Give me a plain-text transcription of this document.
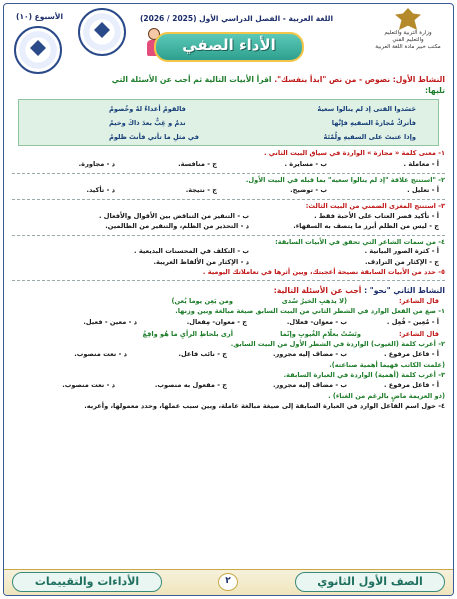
وزارة التربية والتعليم
والتعليم الفني
مكتب خبير مادة اللغة العربية
اللغة العربية - الفصل الدراسي الأول (2025 / 2026)
الأسبوع (١٠)
الأداء الصفي
النشاط الأول: نصوص - من نص "ابدأ بنفسك". اقرأ الأبيات التالية ثم أجب عن الأسئلة التي
تليها:
حَسَدوا الفتى إذ لم ينالوا سعيهُ
فالقومُ أعداءٌ لهُ وخُصومُ
فأتركْ مُجازةَ السفيهِ فإنَّها
ندمٌ و غِبٌّ بعدَ ذاكَ وخيمُ
وإذا عتبتَ على السفيهِ ولُمْتَهُ
في مثلِ ما تأتي فأنتَ ظلومُ
١- معنى كلمة « مجازة » الواردة في سياق البيت الثاني .
أ - معاملة .
ب - مسايرة .
ج - منافسة.
د - مجاورة.
٢- "استنتج علاقة "إذ لم ينالوا سعيه" بما قبله في البيت الأول.
أ - تعليل .
ب - توضيح.
ج - نتيجة.
د - تأكيد.
٣- استنتج المغزى الضمني من البيت الثالث:
أ - تأكيد قصر العتاب على الأحبة فقط .
ب - التنفير من التناقض بين الأقوال والأفعال .
ج - ليس من الظلم أبرز ما يتصف به السفهاء.
د - التحذير من الظلم، والتنفير من الظالمين.
٤- من سمات الشاعر التي تحقق في الأبيات السابقة:
أ - كثرة الصور البيانية .
ب - التكلف في المحسنات البديعية .
ج - الإكثار من الترادف.
د - الإكثار من الألفاظ الغريبة.
٥- حدد من الأبيات السابقة نصيحة أعجبتك، وبين أثرها في تعاملاتك اليومية .
النشاط الثاني "نحو" : أجب عن الأسئلة التالية:
قال الشاعر:
(لا يذهبِ الخيرُ سُدى
ومن يَعِن يوما يُعن)
١- صغ من الفعل الوارد في الشطر الثاني من البيت السابق صيغة مبالغة وبين وزنها.
أ - مُعِين - فُعِل .
ب - معوَان- فعلال.
ج - معوان- مِفعال.
د - معين - فعيل.
قال الشاعر:
وتَسْتُ بعلّامِ الغُيوبِ وإنّما
أرى بلحاظِ الرأيِ ما هُو واقِعُ
٢- أعرب كلمة (الغيوب) الواردة في الشطر الأول من البيت السابق.
أ - فاعل مرفوع .
ب - مضاف إليه مجرور.
ج - نائب فاعل.
د - نعت منصوب.
(علمت الكاتب فهيما أهمية صناعته).
٣- أعرب كلمة (أهمية) الواردة في العبارة السابقة.
أ - فاعل مرفوع .
ب - مضاف إليه مجرور.
ج - مفعول به منصوب.
د - نعت منصوب.
(ذو العزيمة ماضٍ بالرغم من الغناء) .
٤- حول اسم الفاعل الوارد في العبارة السابقة إلى صيغة مبالغة عاملة، وبين سبب عملها، وحدد معمولها، وأعربه.
الصف الأول الثانوي
٢
الأداءات والتقييمات
